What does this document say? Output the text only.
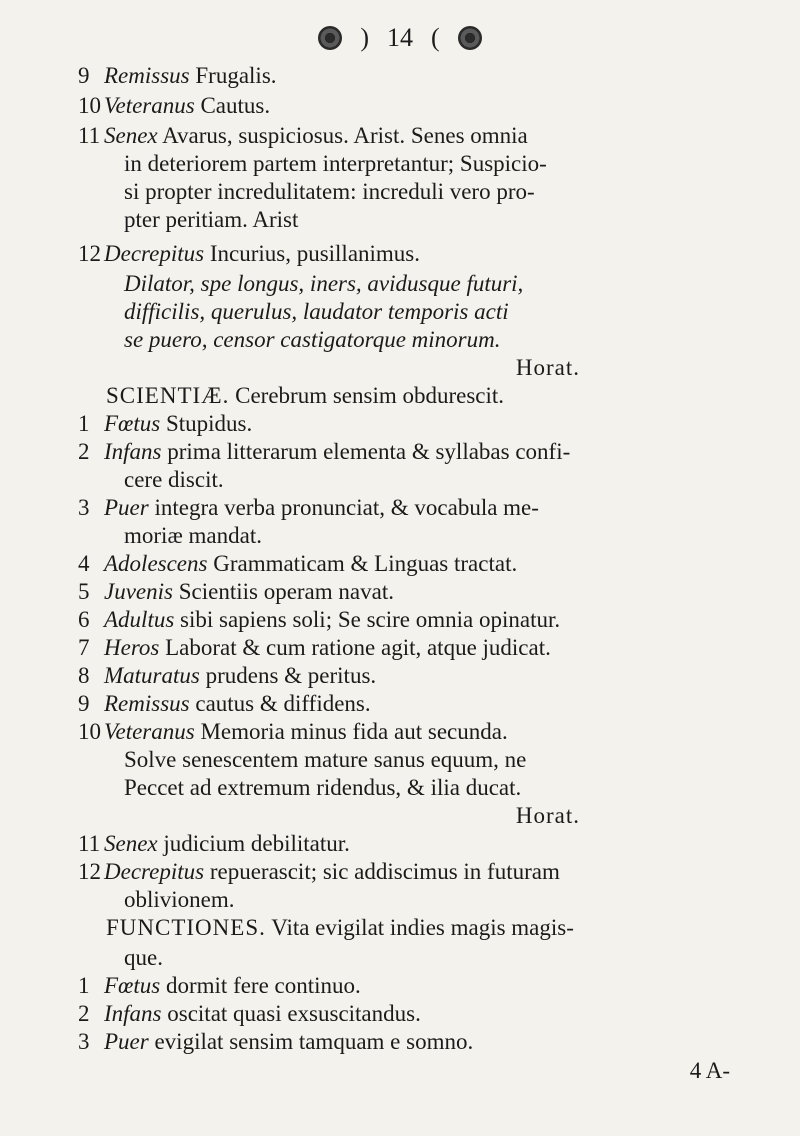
) 14 (
9 Remissus Frugalis.
10 Veteranus Cautus.
11 Senex Avarus, suspiciosus. Arist. Senes omnia
in deteriorem partem interpretantur; Suspicio-
si propter incredulitatem: increduli vero pro-
pter peritiam. Arist
12 Decrepitus Incurius, pusillanimus.
Dilator, spe longus, iners, avidusque futuri,
difficilis, querulus, laudator temporis acti
se puero, censor castigatorque minorum.
Horat.
SCIENTIÆ. Cerebrum sensim obdurescit.
1 Fœtus Stupidus.
2 Infans prima litterarum elementa & syllabas confi-
cere discit.
3 Puer integra verba pronunciat, & vocabula me-
moriæ mandat.
4 Adolescens Grammaticam & Linguas tractat.
5 Juvenis Scientiis operam navat.
6 Adultus sibi sapiens soli; Se scire omnia opinatur.
7 Heros Laborat & cum ratione agit, atque judicat.
8 Maturatus prudens & peritus.
9 Remissus cautus & diffidens.
10 Veteranus Memoria minus fida aut secunda.
Solve senescentem mature sanus equum, ne
Peccet ad extremum ridendus, & ilia ducat.
Horat.
11 Senex judicium debilitatur.
12 Decrepitus repuerascit; sic addiscimus in futuram
oblivionem.
FUNCTIONES. Vita evigilat indies magis magis-
que.
1 Fœtus dormit fere continuo.
2 Infans oscitat quasi exsuscitandus.
3 Puer evigilat sensim tamquam e somno.
4 A-
